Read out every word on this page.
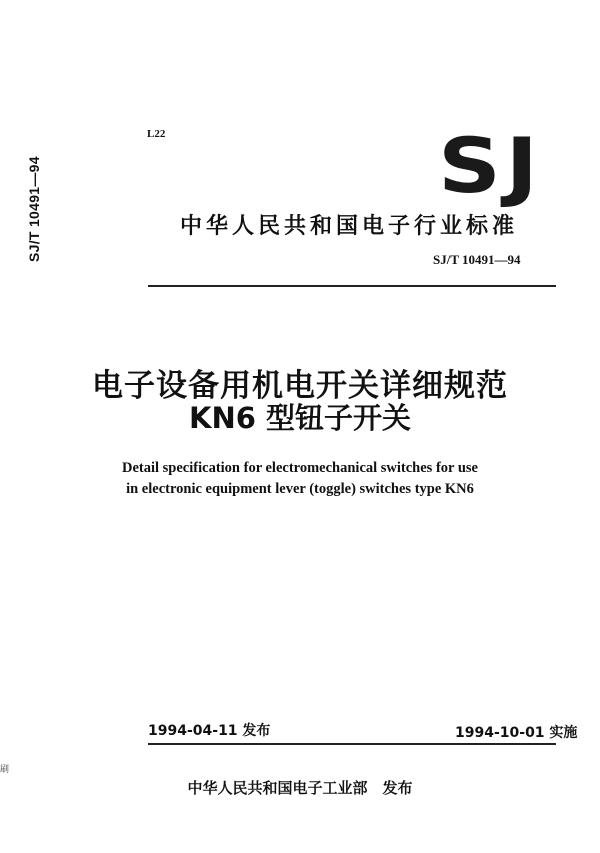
SJ/T 10491—94
L22	SJ
中华人民共和国电子行业标准
SJ/T 10491—94
电子设备用机电开关详细规范
KN6 型钮子开关
Detail specification for electromechanical switches for use
in electronic equipment lever (toggle) switches type KN6
1994-04-11 发布	1994-10-01 实施
中华人民共和国电子工业部　发布
刷
